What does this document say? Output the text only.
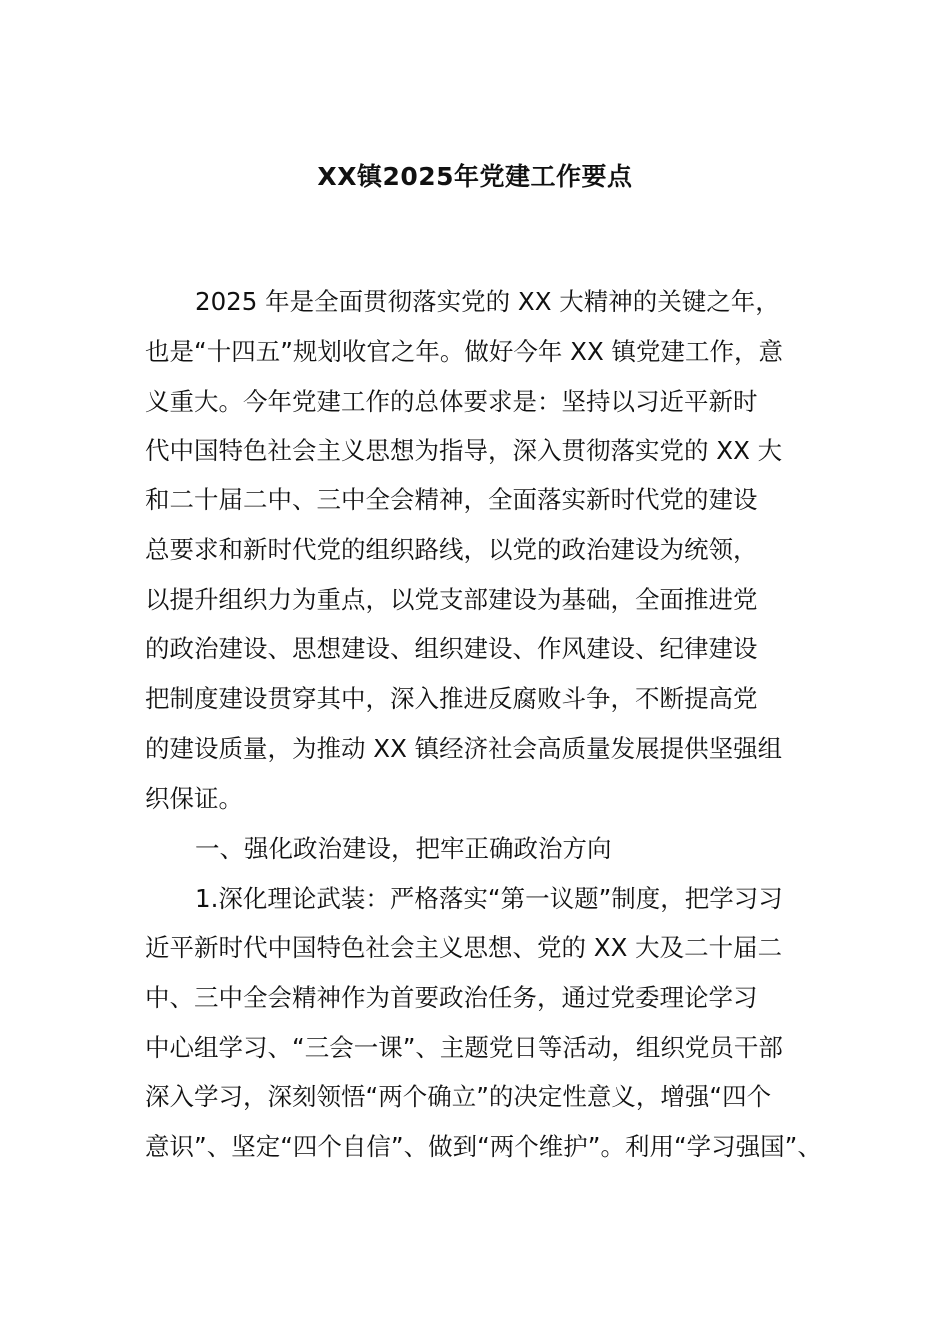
XX镇2025年党建工作要点
2025 年是全面贯彻落实党的 XX 大精神的关键之年，
也是“十四五”规划收官之年。做好今年 XX 镇党建工作，意
义重大。今年党建工作的总体要求是：坚持以习近平新时
代中国特色社会主义思想为指导，深入贯彻落实党的 XX 大
和二十届二中、三中全会精神，全面落实新时代党的建设
总要求和新时代党的组织路线，以党的政治建设为统领，
以提升组织力为重点，以党支部建设为基础，全面推进党
的政治建设、思想建设、组织建设、作风建设、纪律建设
把制度建设贯穿其中，深入推进反腐败斗争，不断提高党
的建设质量，为推动 XX 镇经济社会高质量发展提供坚强组
织保证。
一、强化政治建设，把牢正确政治方向
1.深化理论武装：严格落实“第一议题”制度，把学习习
近平新时代中国特色社会主义思想、党的 XX 大及二十届二
中、三中全会精神作为首要政治任务，通过党委理论学习
中心组学习、“三会一课”、主题党日等活动，组织党员干部
深入学习，深刻领悟“两个确立”的决定性意义，增强“四个
意识”、坚定“四个自信”、做到“两个维护”。利用“学习强国”、
